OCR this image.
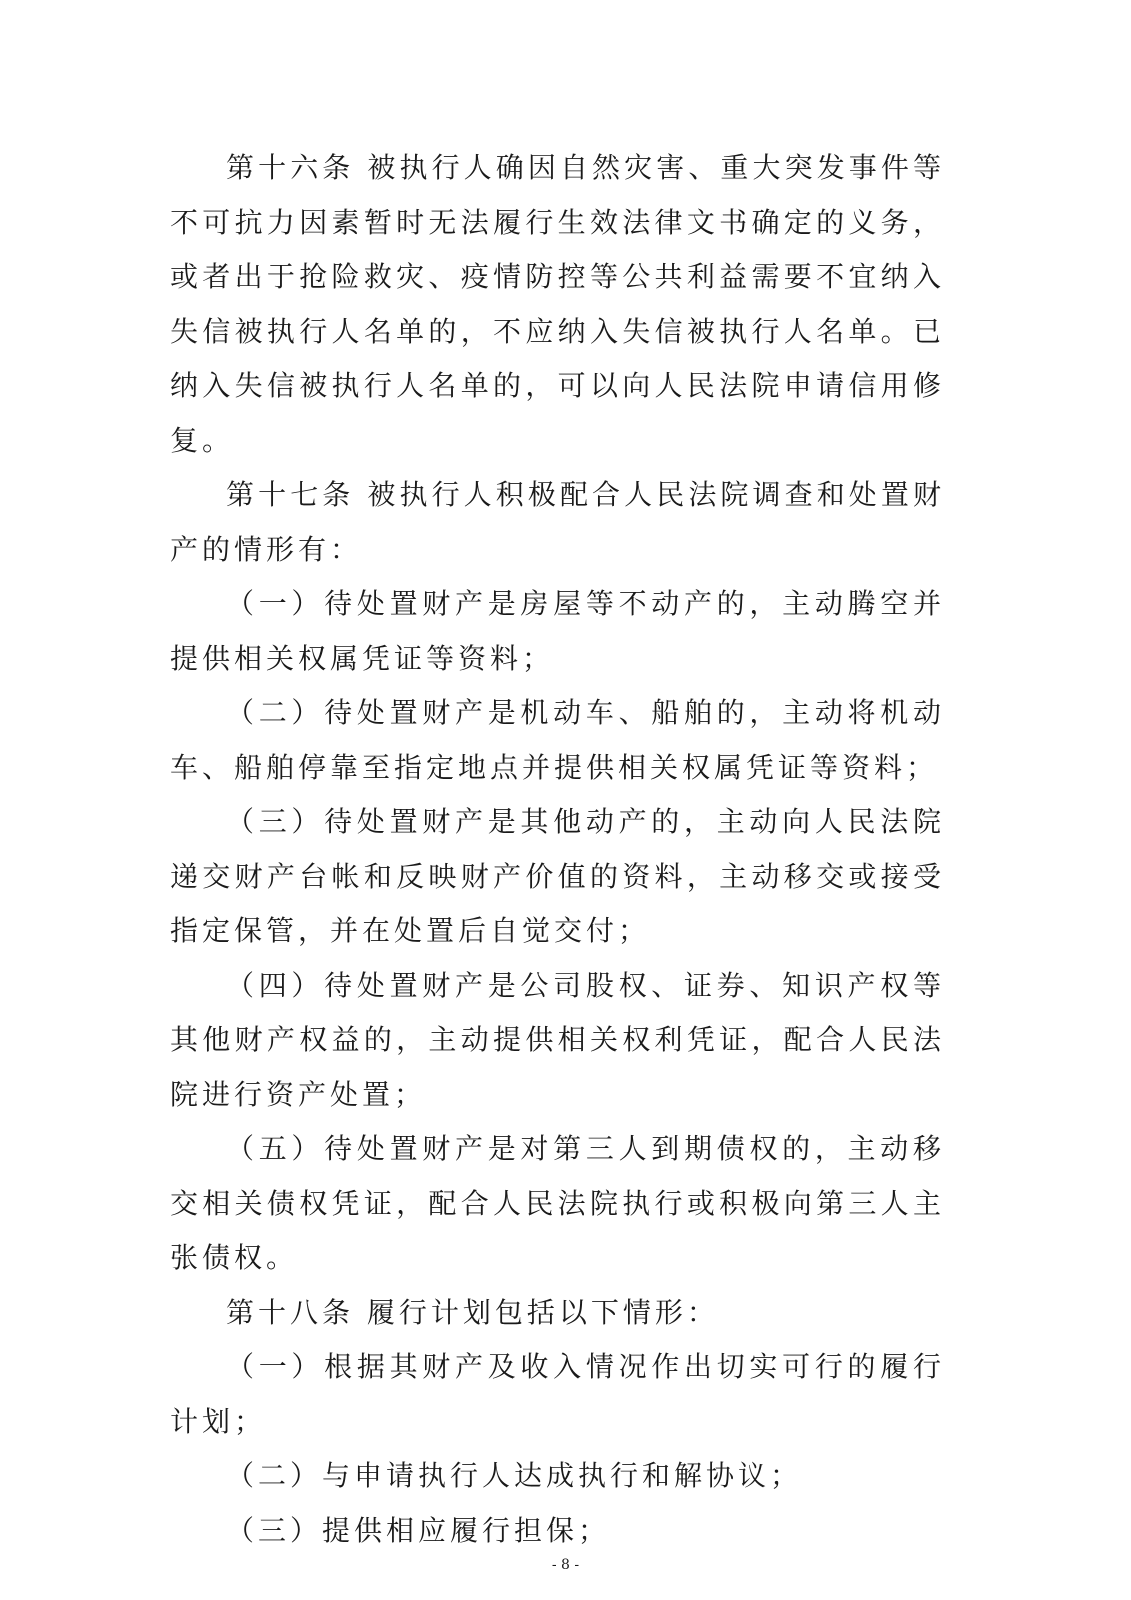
第十六条 被执行人确因自然灾害、重大突发事件等不可抗力因素暂时无法履行生效法律文书确定的义务，或者出于抢险救灾、疫情防控等公共利益需要不宜纳入失信被执行人名单的，不应纳入失信被执行人名单。已纳入失信被执行人名单的，可以向人民法院申请信用修复。

第十七条 被执行人积极配合人民法院调查和处置财产的情形有：

（一）待处置财产是房屋等不动产的，主动腾空并提供相关权属凭证等资料；

（二）待处置财产是机动车、船舶的，主动将机动车、船舶停靠至指定地点并提供相关权属凭证等资料；

（三）待处置财产是其他动产的，主动向人民法院递交财产台帐和反映财产价值的资料，主动移交或接受指定保管，并在处置后自觉交付；

（四）待处置财产是公司股权、证券、知识产权等其他财产权益的，主动提供相关权利凭证，配合人民法院进行资产处置；

（五）待处置财产是对第三人到期债权的，主动移交相关债权凭证，配合人民法院执行或积极向第三人主张债权。

第十八条 履行计划包括以下情形：

（一）根据其财产及收入情况作出切实可行的履行计划；

（二）与申请执行人达成执行和解协议；

（三）提供相应履行担保；

- 8 -
